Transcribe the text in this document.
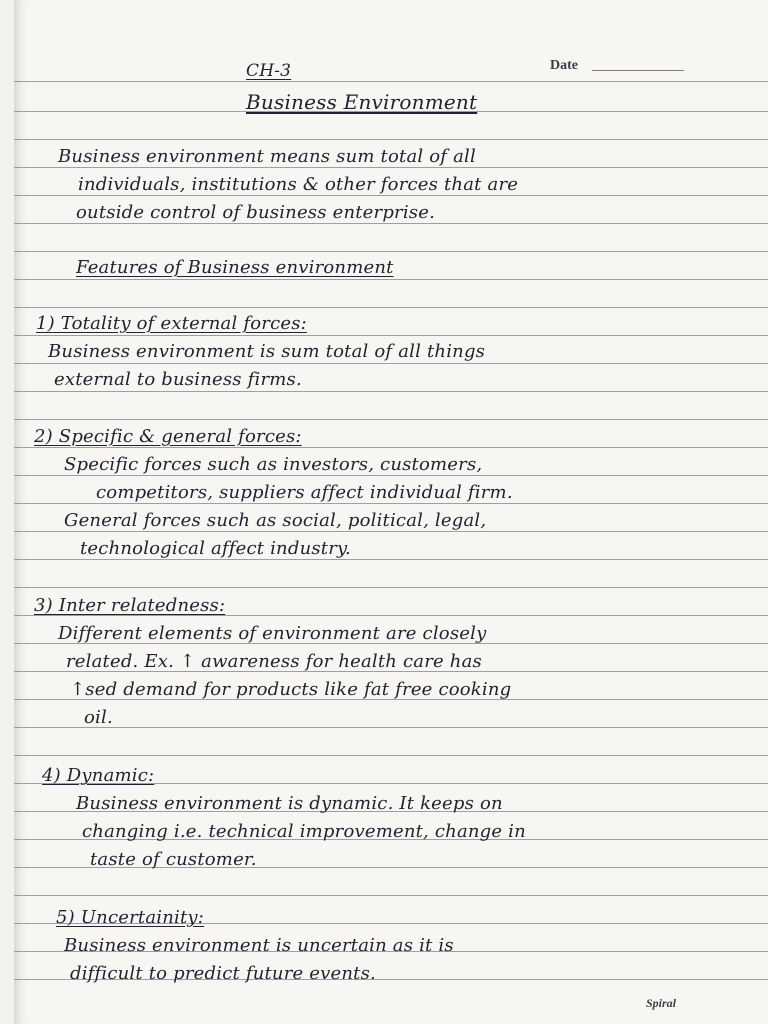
Date
CH-3
Business Environment
Business environment means sum total of all
individuals, institutions & other forces that are
outside control of business enterprise.
Features of Business environment
1) Totality of external forces:
Business environment is sum total of all things
external to business firms.
2) Specific & general forces:
Specific forces such as investors, customers,
competitors, suppliers affect individual firm.
General forces such as social, political, legal,
technological affect industry.
3) Inter relatedness:
Different elements of environment are closely
related. Ex. ↑ awareness for health care has
↑sed demand for products like fat free cooking
oil.
4) Dynamic:
Business environment is dynamic. It keeps on
changing i.e. technical improvement, change in
taste of customer.
5) Uncertainity:
Business environment is uncertain as it is
difficult to predict future events.
Spiral
